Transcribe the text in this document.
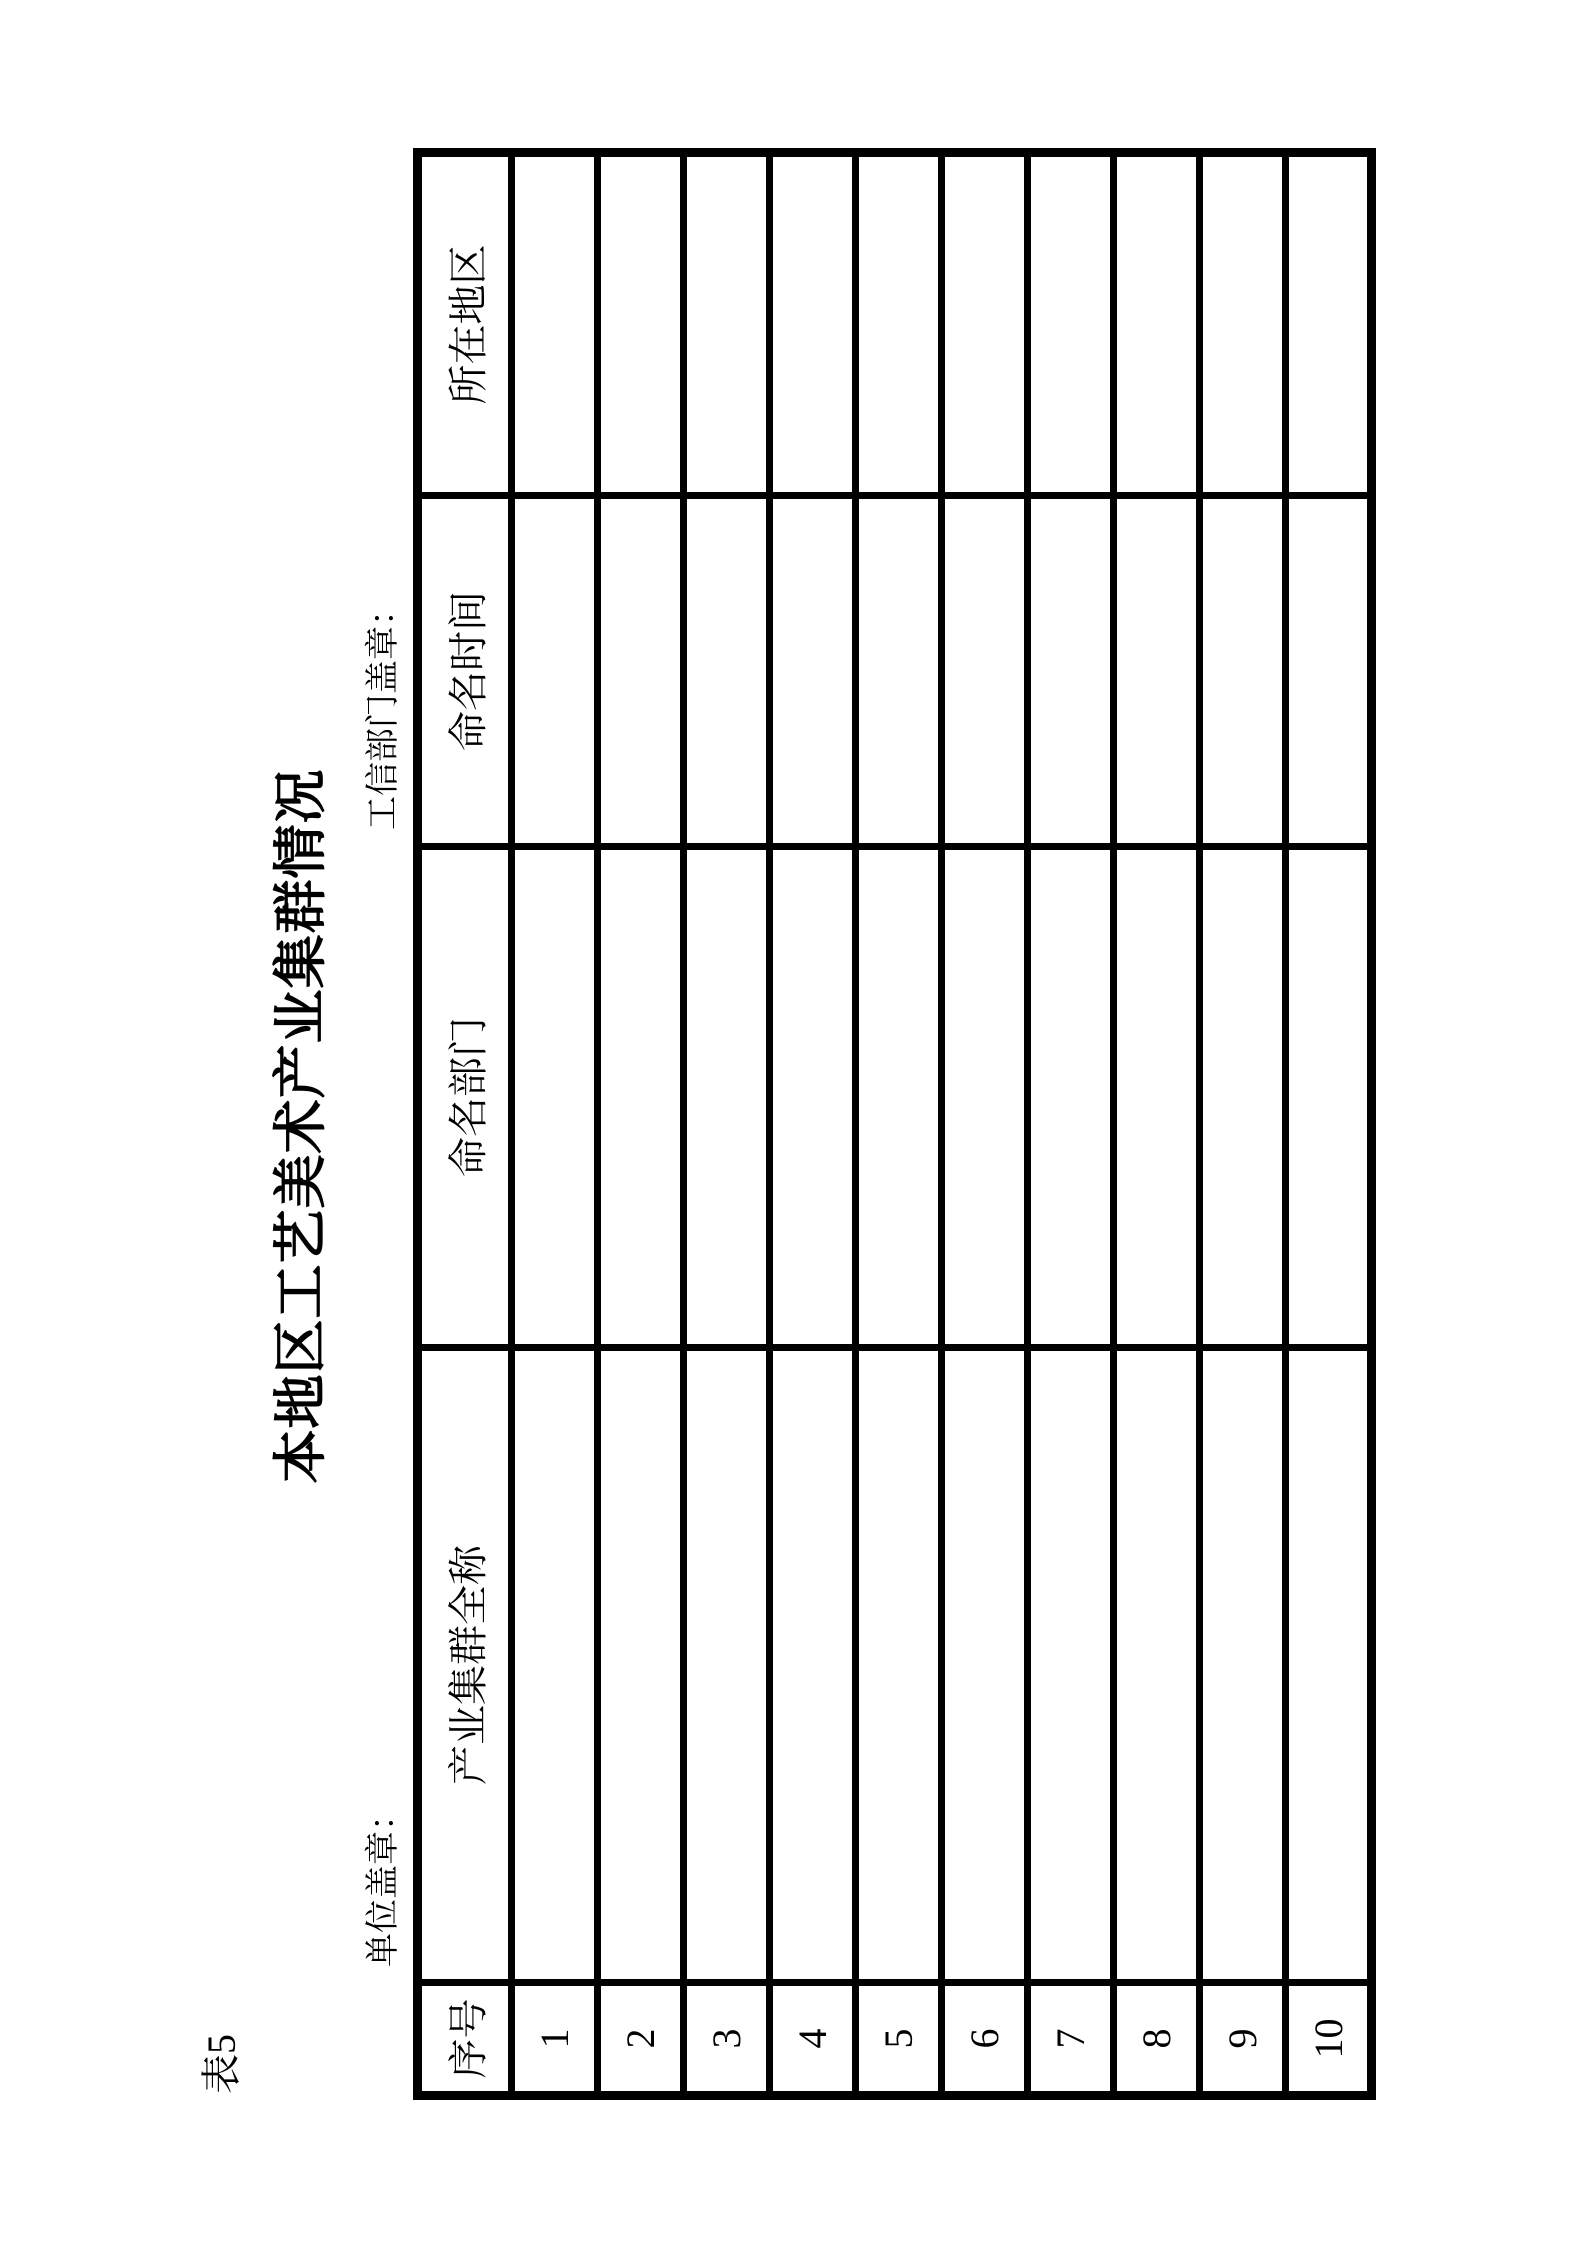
表5
本地区工艺美术产业集群情况
单位盖章：
工信部门盖章：
序号	产业集群全称	命名部门	命名时间	所在地区
1				
2				
3				
4				
5				
6				
7				
8				
9				
10				
